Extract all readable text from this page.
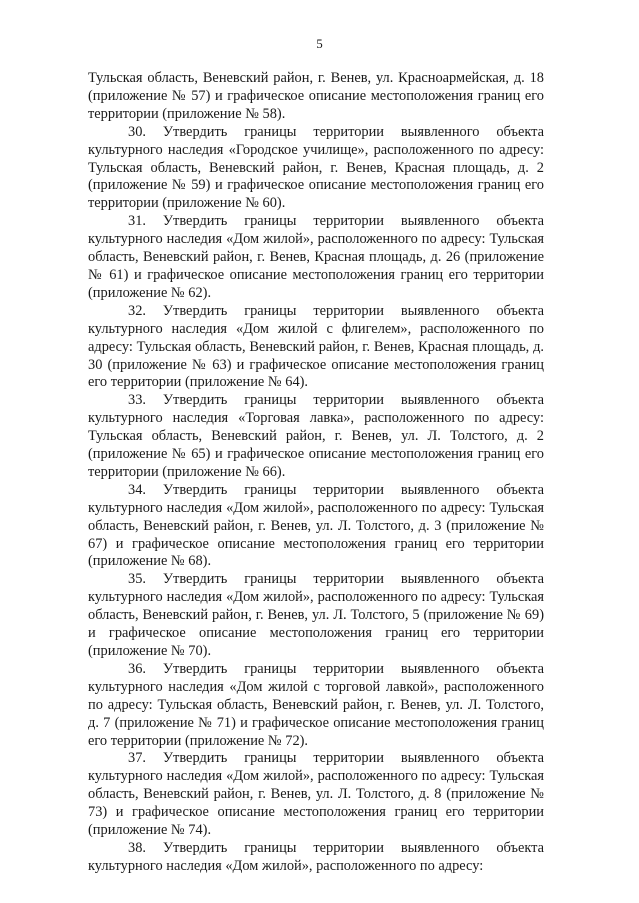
5

Тульская область, Веневский район, г. Венев, ул. Красноармейская, д. 18 (приложение № 57) и графическое описание местоположения границ его территории (приложение № 58).

30. Утвердить границы территории выявленного объекта культурного наследия «Городское училище», расположенного по адресу: Тульская область, Веневский район, г. Венев, Красная площадь, д. 2 (приложение № 59) и графическое описание местоположения границ его территории (приложение № 60).

31. Утвердить границы территории выявленного объекта культурного наследия «Дом жилой», расположенного по адресу: Тульская область, Веневский район, г. Венев, Красная площадь, д. 26 (приложение № 61) и графическое описание местоположения границ его территории (приложение № 62).

32. Утвердить границы территории выявленного объекта культурного наследия «Дом жилой с флигелем», расположенного по адресу: Тульская область, Веневский район, г. Венев, Красная площадь, д. 30 (приложение № 63) и графическое описание местоположения границ его территории (приложение № 64).

33. Утвердить границы территории выявленного объекта культурного наследия «Торговая лавка», расположенного по адресу: Тульская область, Веневский район, г. Венев, ул. Л. Толстого, д. 2 (приложение № 65) и графическое описание местоположения границ его территории (приложение № 66).

34. Утвердить границы территории выявленного объекта культурного наследия «Дом жилой», расположенного по адресу: Тульская область, Веневский район, г. Венев, ул. Л. Толстого, д. 3 (приложение № 67) и графическое описание местоположения границ его территории (приложение № 68).

35. Утвердить границы территории выявленного объекта культурного наследия «Дом жилой», расположенного по адресу: Тульская область, Веневский район, г. Венев, ул. Л. Толстого, 5 (приложение № 69) и графическое описание местоположения границ его территории (приложение № 70).

36. Утвердить границы территории выявленного объекта культурного наследия «Дом жилой с торговой лавкой», расположенного по адресу: Тульская область, Веневский район, г. Венев, ул. Л. Толстого, д. 7 (приложение № 71) и графическое описание местоположения границ его территории (приложение № 72).

37. Утвердить границы территории выявленного объекта культурного наследия «Дом жилой», расположенного по адресу: Тульская область, Веневский район, г. Венев, ул. Л. Толстого, д. 8 (приложение № 73) и графическое описание местоположения границ его территории (приложение № 74).

38. Утвердить границы территории выявленного объекта культурного наследия «Дом жилой», расположенного по адресу:
